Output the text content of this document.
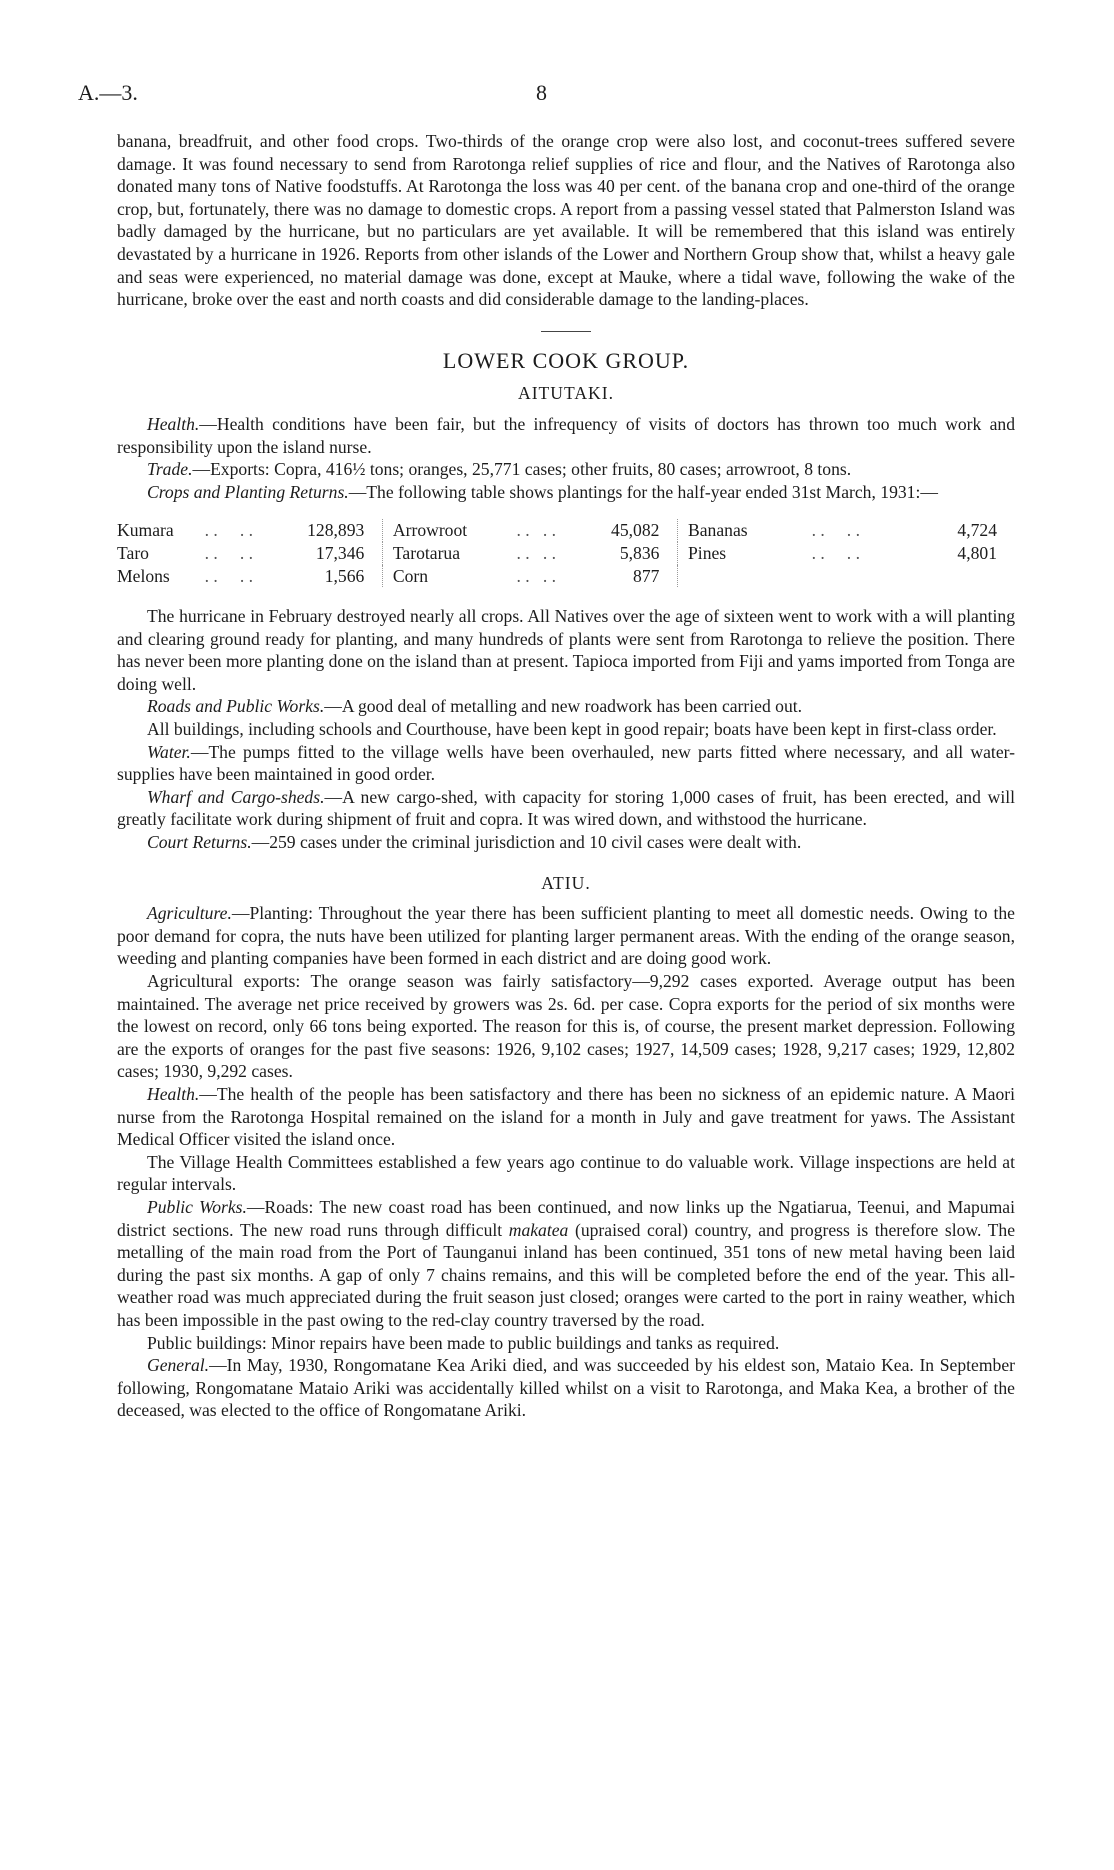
A.—3.	8

banana, breadfruit, and other food crops. Two-thirds of the orange crop were also lost, and coconut-trees suffered severe damage. It was found necessary to send from Rarotonga relief supplies of rice and flour, and the Natives of Rarotonga also donated many tons of Native foodstuffs. At Rarotonga the loss was 40 per cent. of the banana crop and one-third of the orange crop, but, fortunately, there was no damage to domestic crops. A report from a passing vessel stated that Palmerston Island was badly damaged by the hurricane, but no particulars are yet available. It will be remembered that this island was entirely devastated by a hurricane in 1926. Reports from other islands of the Lower and Northern Group show that, whilst a heavy gale and seas were experienced, no material damage was done, except at Mauke, where a tidal wave, following the wake of the hurricane, broke over the east and north coasts and did considerable damage to the landing-places.

LOWER COOK GROUP.
AITUTAKI.

Health.—Health conditions have been fair, but the infrequency of visits of doctors has thrown too much work and responsibility upon the island nurse.

Trade.—Exports: Copra, 416½ tons; oranges, 25,771 cases; other fruits, 80 cases; arrowroot, 8 tons.

Crops and Planting Returns.—The following table shows plantings for the half-year ended 31st March, 1931:—

Kumara	. .     . .	128,893		Arrowroot	. .   . .	45,082		Bananas	. .     . .	4,724
Taro	. .     . .	17,346		Tarotarua	. .   . .	5,836		Pines	. .     . .	4,801
Melons	. .     . .	1,566		Corn	. .   . .	877				

The hurricane in February destroyed nearly all crops. All Natives over the age of sixteen went to work with a will planting and clearing ground ready for planting, and many hundreds of plants were sent from Rarotonga to relieve the position. There has never been more planting done on the island than at present. Tapioca imported from Fiji and yams imported from Tonga are doing well.

Roads and Public Works.—A good deal of metalling and new roadwork has been carried out.

All buildings, including schools and Courthouse, have been kept in good repair; boats have been kept in first-class order.

Water.—The pumps fitted to the village wells have been overhauled, new parts fitted where necessary, and all water-supplies have been maintained in good order.

Wharf and Cargo-sheds.—A new cargo-shed, with capacity for storing 1,000 cases of fruit, has been erected, and will greatly facilitate work during shipment of fruit and copra. It was wired down, and withstood the hurricane.

Court Returns.—259 cases under the criminal jurisdiction and 10 civil cases were dealt with.

ATIU.

Agriculture.—Planting: Throughout the year there has been sufficient planting to meet all domestic needs. Owing to the poor demand for copra, the nuts have been utilized for planting larger permanent areas. With the ending of the orange season, weeding and planting companies have been formed in each district and are doing good work.

Agricultural exports: The orange season was fairly satisfactory—9,292 cases exported. Average output has been maintained. The average net price received by growers was 2s. 6d. per case. Copra exports for the period of six months were the lowest on record, only 66 tons being exported. The reason for this is, of course, the present market depression. Following are the exports of oranges for the past five seasons: 1926, 9,102 cases; 1927, 14,509 cases; 1928, 9,217 cases; 1929, 12,802 cases; 1930, 9,292 cases.

Health.—The health of the people has been satisfactory and there has been no sickness of an epidemic nature. A Maori nurse from the Rarotonga Hospital remained on the island for a month in July and gave treatment for yaws. The Assistant Medical Officer visited the island once.

The Village Health Committees established a few years ago continue to do valuable work. Village inspections are held at regular intervals.

Public Works.—Roads: The new coast road has been continued, and now links up the Ngatiarua, Teenui, and Mapumai district sections. The new road runs through difficult makatea (upraised coral) country, and progress is therefore slow. The metalling of the main road from the Port of Taunganui inland has been continued, 351 tons of new metal having been laid during the past six months. A gap of only 7 chains remains, and this will be completed before the end of the year. This all-weather road was much appreciated during the fruit season just closed; oranges were carted to the port in rainy weather, which has been impossible in the past owing to the red-clay country traversed by the road.

Public buildings: Minor repairs have been made to public buildings and tanks as required.

General.—In May, 1930, Rongomatane Kea Ariki died, and was succeeded by his eldest son, Mataio Kea. In September following, Rongomatane Mataio Ariki was accidentally killed whilst on a visit to Rarotonga, and Maka Kea, a brother of the deceased, was elected to the office of Rongomatane Ariki.
